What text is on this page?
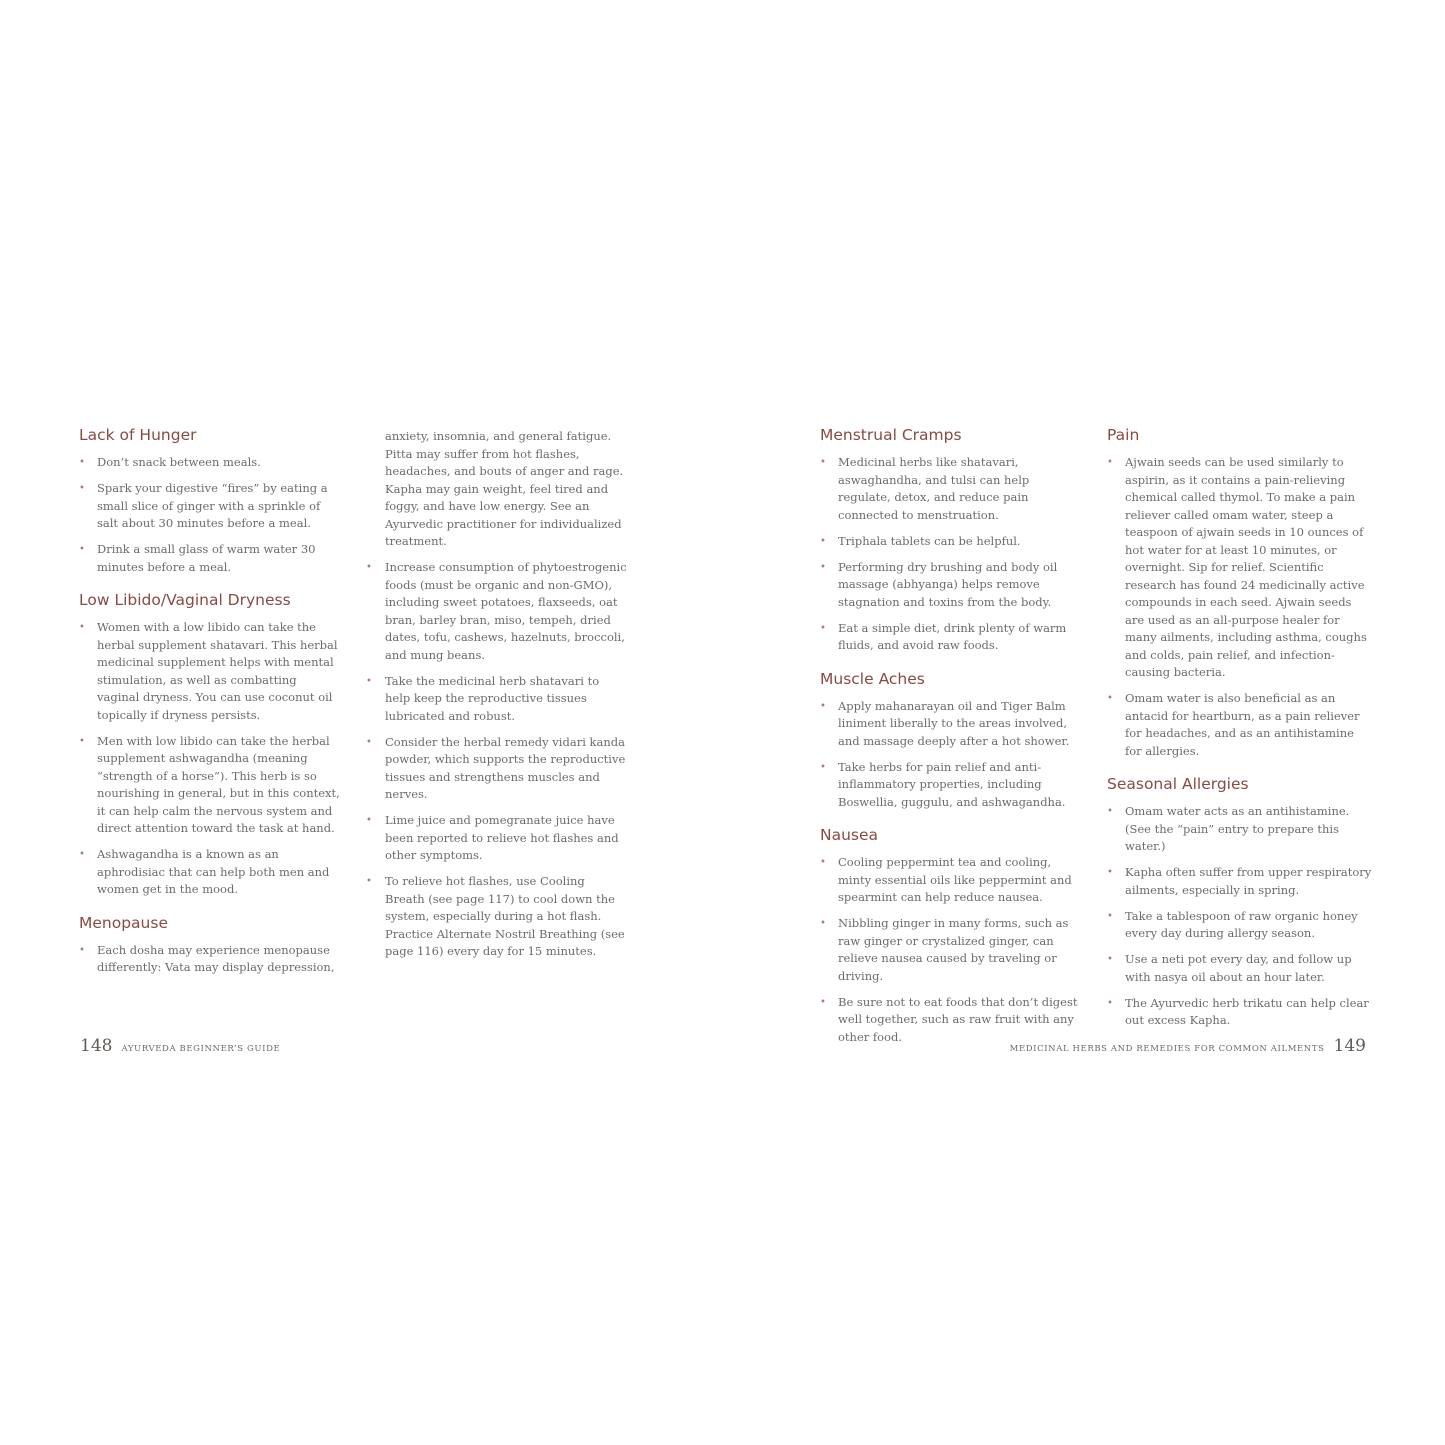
Lack of Hunger
• Don’t snack between meals.
• Spark your digestive “fires” by eating a small slice of ginger with a sprinkle of salt about 30 minutes before a meal.
• Drink a small glass of warm water 30 minutes before a meal.
Low Libido/Vaginal Dryness
• Women with a low libido can take the herbal supplement shatavari. This herbal medicinal supplement helps with mental stimulation, as well as combatting vaginal dryness. You can use coconut oil topically if dryness persists.
• Men with low libido can take the herbal supplement ashwagandha (meaning “strength of a horse”). This herb is so nourishing in general, but in this context, it can help calm the nervous system and direct attention toward the task at hand.
• Ashwagandha is a known as an aphrodisiac that can help both men and women get in the mood.
Menopause
• Each dosha may experience menopause differently: Vata may display depression,
anxiety, insomnia, and general fatigue. Pitta may suffer from hot flashes, headaches, and bouts of anger and rage. Kapha may gain weight, feel tired and foggy, and have low energy. See an Ayurvedic practitioner for individualized treatment.
• Increase consumption of phytoestrogenic foods (must be organic and non-GMO), including sweet potatoes, flaxseeds, oat bran, barley bran, miso, tempeh, dried dates, tofu, cashews, hazelnuts, broccoli, and mung beans.
• Take the medicinal herb shatavari to help keep the reproductive tissues lubricated and robust.
• Consider the herbal remedy vidari kanda powder, which supports the reproductive tissues and strengthens muscles and nerves.
• Lime juice and pomegranate juice have been reported to relieve hot flashes and other symptoms.
• To relieve hot flashes, use Cooling Breath (see page 117) to cool down the system, especially during a hot flash. Practice Alternate Nostril Breathing (see page 116) every day for 15 minutes.
Menstrual Cramps
• Medicinal herbs like shatavari, aswaghandha, and tulsi can help regulate, detox, and reduce pain connected to menstruation.
• Triphala tablets can be helpful.
• Performing dry brushing and body oil massage (abhyanga) helps remove stagnation and toxins from the body.
• Eat a simple diet, drink plenty of warm fluids, and avoid raw foods.
Muscle Aches
• Apply mahanarayan oil and Tiger Balm liniment liberally to the areas involved, and massage deeply after a hot shower.
• Take herbs for pain relief and anti-inflammatory properties, including Boswellia, guggulu, and ashwagandha.
Nausea
• Cooling peppermint tea and cooling, minty essential oils like peppermint and spearmint can help reduce nausea.
• Nibbling ginger in many forms, such as raw ginger or crystalized ginger, can relieve nausea caused by traveling or driving.
• Be sure not to eat foods that don’t digest well together, such as raw fruit with any other food.
Pain
• Ajwain seeds can be used similarly to aspirin, as it contains a pain-relieving chemical called thymol. To make a pain reliever called omam water, steep a teaspoon of ajwain seeds in 10 ounces of hot water for at least 10 minutes, or overnight. Sip for relief. Scientific research has found 24 medicinally active compounds in each seed. Ajwain seeds are used as an all-purpose healer for many ailments, including asthma, coughs and colds, pain relief, and infection-causing bacteria.
• Omam water is also beneficial as an antacid for heartburn, as a pain reliever for headaches, and as an antihistamine for allergies.
Seasonal Allergies
• Omam water acts as an antihistamine. (See the “pain” entry to prepare this water.)
• Kapha often suffer from upper respiratory ailments, especially in spring.
• Take a tablespoon of raw organic honey every day during allergy season.
• Use a neti pot every day, and follow up with nasya oil about an hour later.
• The Ayurvedic herb trikatu can help clear out excess Kapha.
148 AYURVEDA BEGINNER’S GUIDE	MEDICINAL HERBS AND REMEDIES FOR COMMON AILMENTS 149
